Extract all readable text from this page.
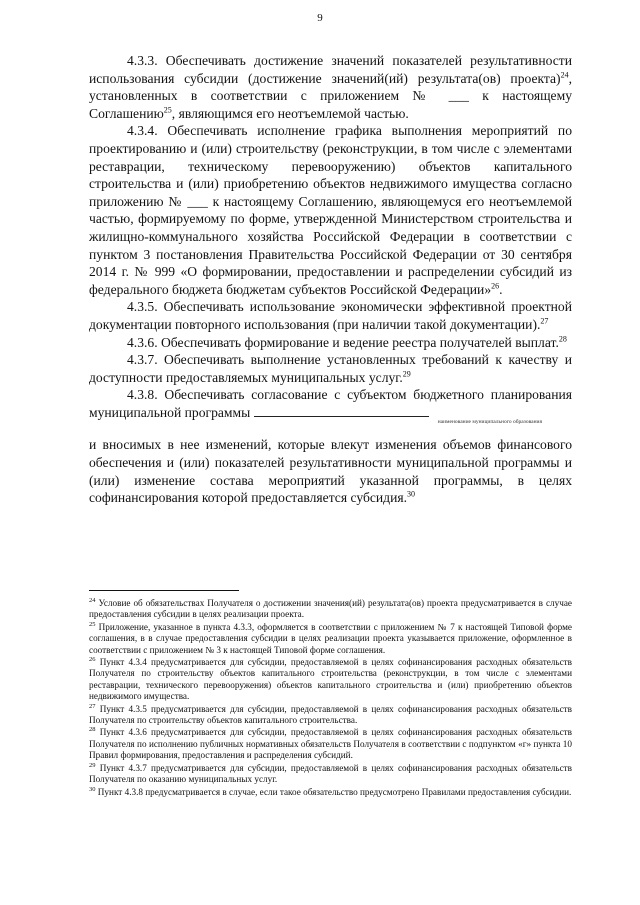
9

4.3.3. Обеспечивать достижение значений показателей результативности использования субсидии (достижение значений(ий) результата(ов) проекта)$^{24}$, установленных в соответствии с приложением № ___ к настоящему Соглашению$^{25}$, являющимся его неотъемлемой частью.

4.3.4. Обеспечивать исполнение графика выполнения мероприятий по проектированию и (или) строительству (реконструкции, в том числе с элементами реставрации, техническому перевооружению) объектов капитального строительства и (или) приобретению объектов недвижимого имущества согласно приложению № ___ к настоящему Соглашению, являющемуся его неотъемлемой частью, формируемому по форме, утвержденной Министерством строительства и жилищно-коммунального хозяйства Российской Федерации в соответствии с пунктом 3 постановления Правительства Российской Федерации от 30 сентября 2014 г. № 999 «О формировании, предоставлении и распределении субсидий из федерального бюджета бюджетам субъектов Российской Федерации»$^{26}$.

4.3.5. Обеспечивать использование экономически эффективной проектной документации повторного использования (при наличии такой документации).$^{27}$

4.3.6. Обеспечивать формирование и ведение реестра получателей выплат.$^{28}$

4.3.7. Обеспечивать выполнение установленных требований к качеству и доступности предоставляемых муниципальных услуг.$^{29}$

4.3.8. Обеспечивать согласование с субъектом бюджетного планирования муниципальной программы

наименование муниципального образования

и вносимых в нее изменений, которые влекут изменения объемов финансового обеспечения и (или) показателей результативности муниципальной программы и (или) изменение состава мероприятий указанной программы, в целях софинансирования которой предоставляется субсидия.$^{30}$

$^{24}$ Условие об обязательствах Получателя о достижении значения(ий) результата(ов) проекта предусматривается в случае предоставления субсидии в целях реализации проекта.

$^{25}$ Приложение, указанное в пункта 4.3.3, оформляется в соответствии с приложением № 7 к настоящей Типовой форме соглашения, в в случае предоставления субсидии в целях реализации проекта указывается приложение, оформленное в соответствии с приложением № 3 к настоящей Типовой форме соглашения.

$^{26}$ Пункт 4.3.4 предусматривается для субсидии, предоставляемой в целях софинансирования расходных обязательств Получателя по строительству объектов капитального строительства (реконструкции, в том числе с элементами реставрации, технического перевооружения) объектов капитального строительства и (или) приобретению объектов недвижимого имущества.

$^{27}$ Пункт 4.3.5 предусматривается для субсидии, предоставляемой в целях софинансирования расходных обязательств Получателя по строительству объектов капитального строительства.

$^{28}$ Пункт 4.3.6 предусматривается для субсидии, предоставляемой в целях софинансирования расходных обязательств Получателя по исполнению публичных нормативных обязательств Получателя в соответствии с подпунктом «г» пункта 10 Правил формирования, предоставления и распределения субсидий.

$^{29}$ Пункт 4.3.7 предусматривается для субсидии, предоставляемой в целях софинансирования расходных обязательств Получателя по оказанию муниципальных услуг.

$^{30}$ Пункт 4.3.8 предусматривается в случае, если такое обязательство предусмотрено Правилами предоставления субсидии.
